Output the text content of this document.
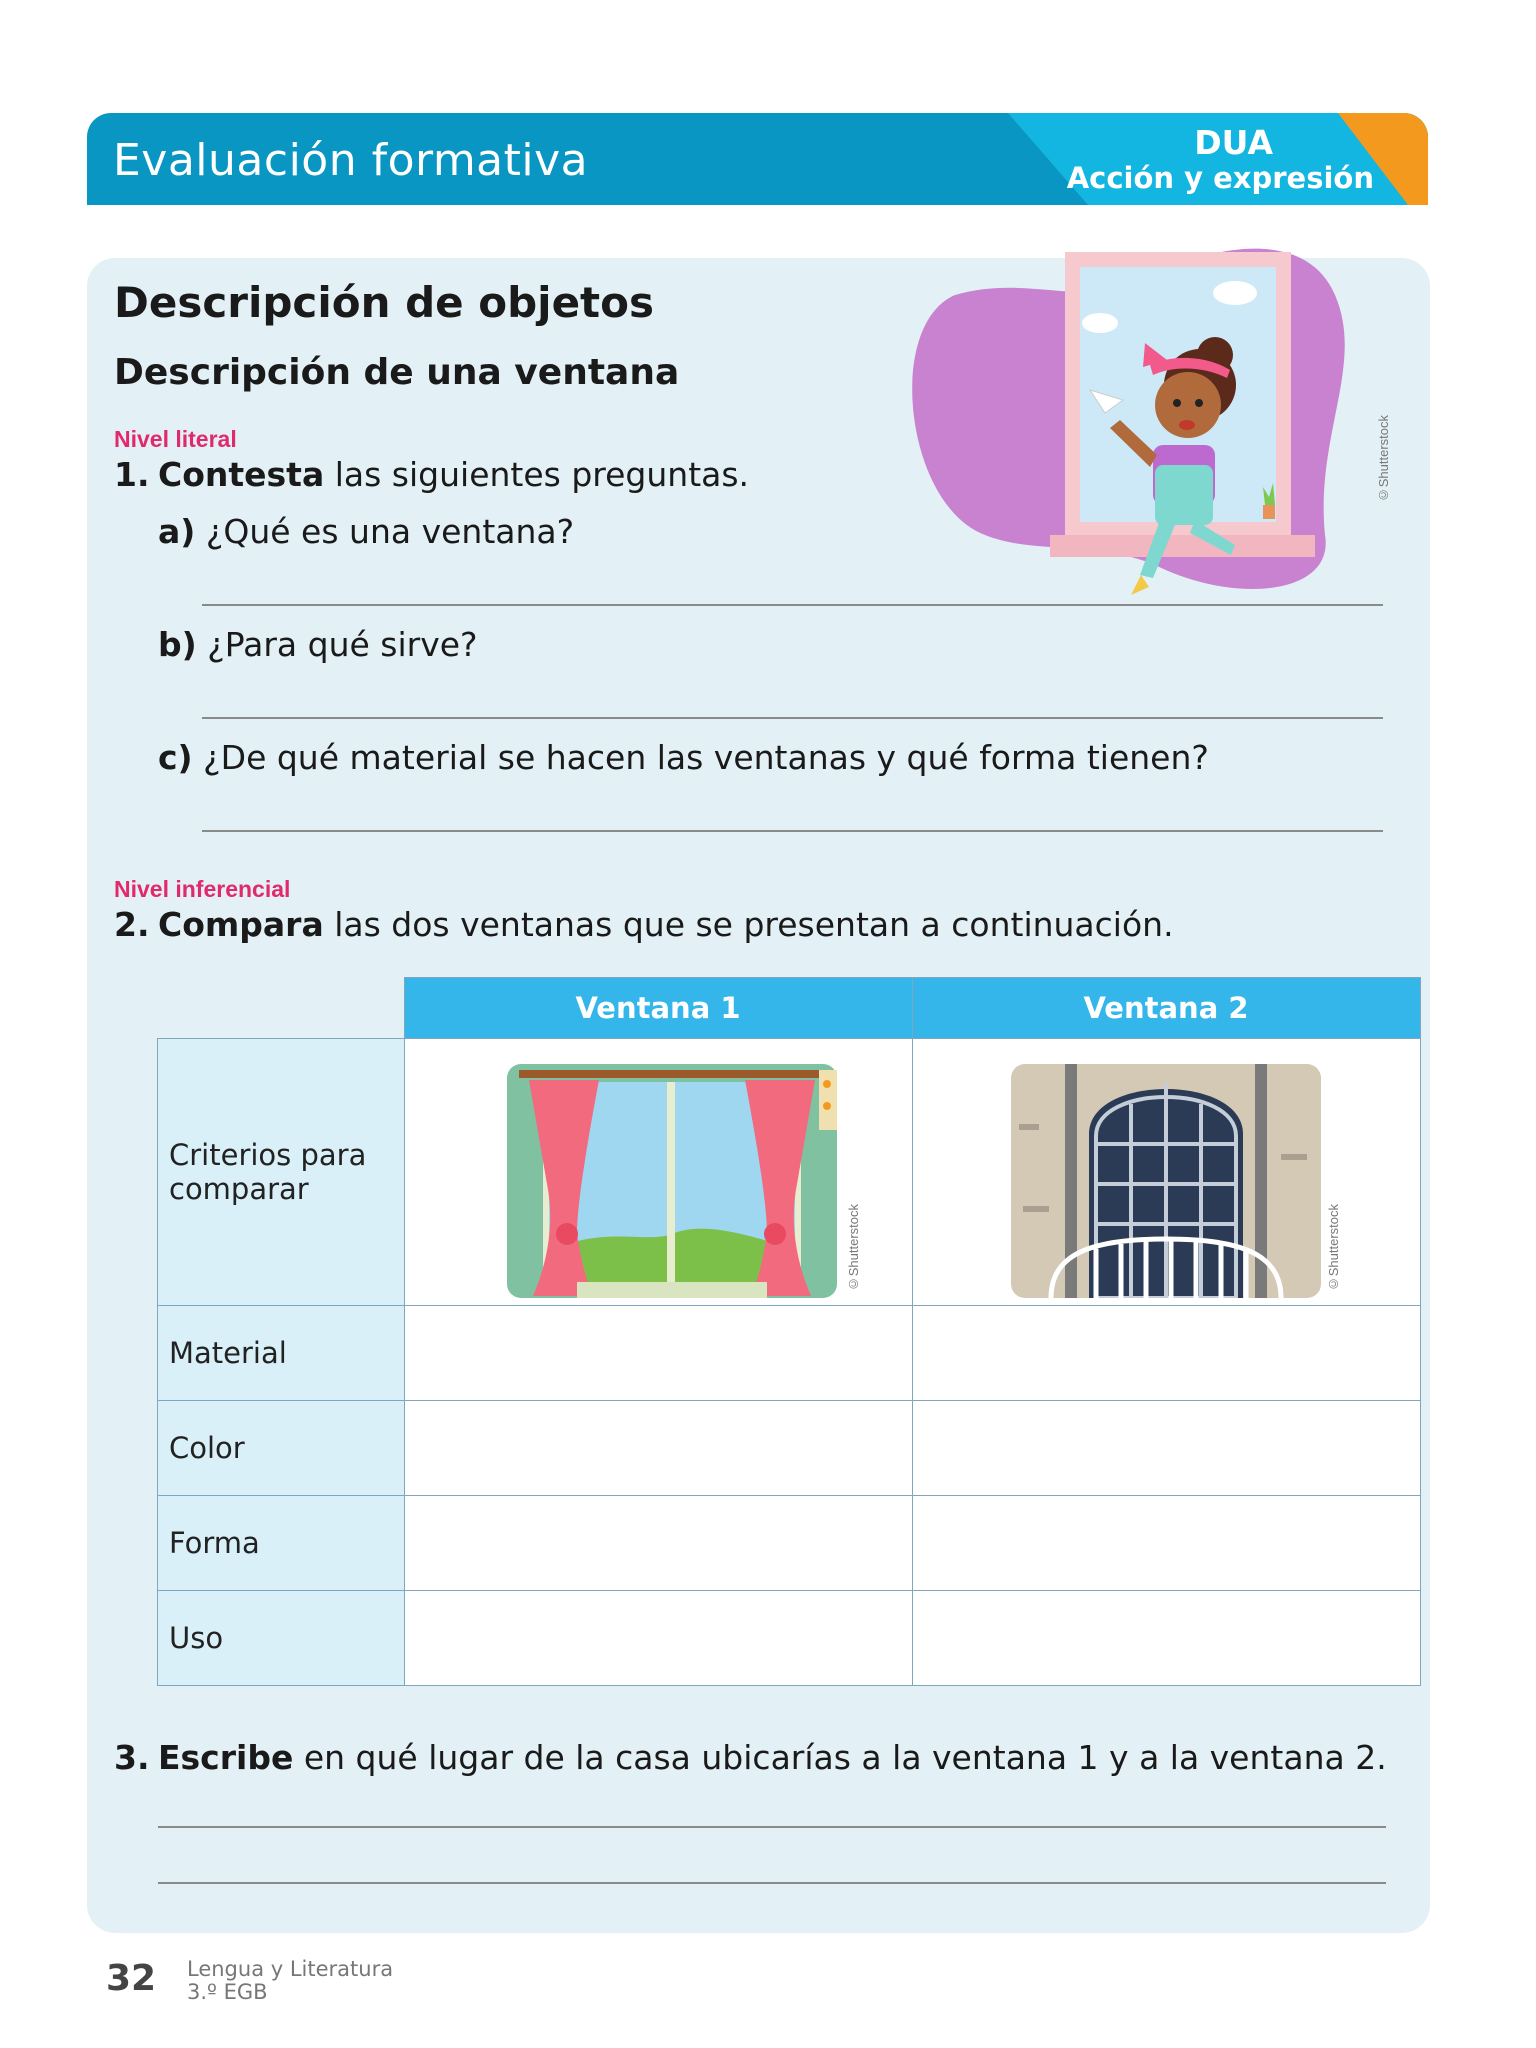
Evaluación formativa	DUA
Acción y expresión
©Shutterstock
Descripción de objetos
Descripción de una ventana
Nivel literal
1. Contesta las siguientes preguntas.
a) ¿Qué es una ventana?
b) ¿Para qué sirve?
c) ¿De qué material se hacen las ventanas y qué forma tienen?
Nivel inferencial
2. Compara las dos ventanas que se presentan a continuación.
	Ventana 1	Ventana 2
Criterios para comparar	©Shutterstock	©Shutterstock

Material		
Color		
Forma		
Uso		
3. Escribe en qué lugar de la casa ubicarías a la ventana 1 y a la ventana 2.
32 Lengua y Literatura
3.º EGB
